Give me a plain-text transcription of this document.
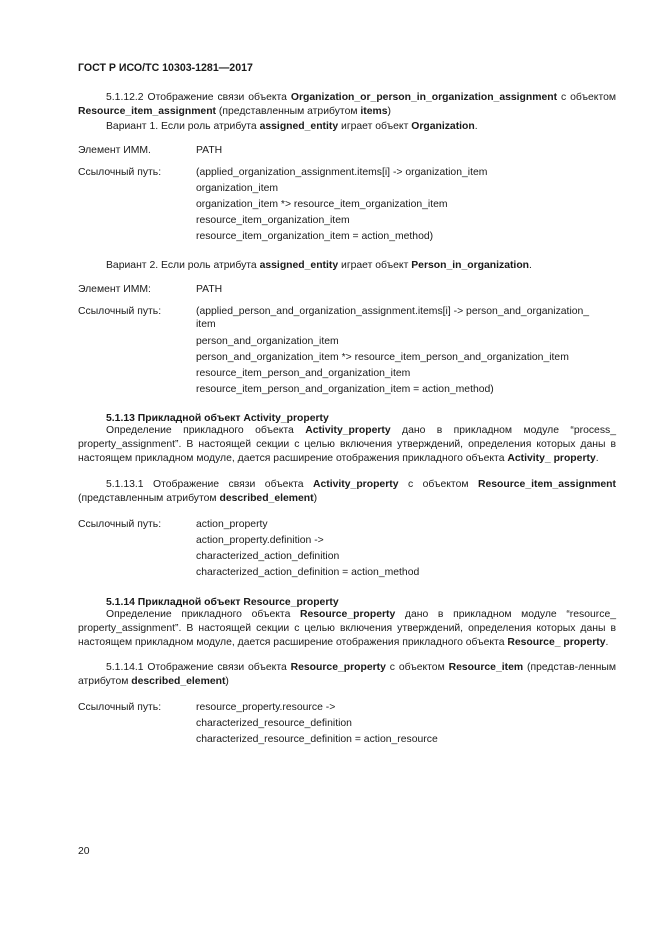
ГОСТ Р ИСО/ТС 10303-1281—2017
5.1.12.2 Отображение связи объекта Organization_or_person_in_organization_assignment с объектом Resource_item_assignment (представленным атрибутом items)
Вариант 1. Если роль атрибута assigned_entity играет объект Organization.
Элемент ИММ.	PATH
Ссылочный путь:	(applied_organization_assignment.items[i] -> organization_item
organization_item
organization_item *> resource_item_organization_item
resource_item_organization_item
resource_item_organization_item = action_method)
Вариант 2. Если роль атрибута assigned_entity играет объект Person_in_organization.
Элемент ИММ:	PATH
Ссылочный путь:	(applied_person_and_organization_assignment.items[i] -> person_and_organization_
item
person_and_organization_item
person_and_organization_item *> resource_item_person_and_organization_item
resource_item_person_and_organization_item
resource_item_person_and_organization_item = action_method)
5.1.13 Прикладной объект Activity_property
Определение прикладного объекта Activity_property дано в прикладном модуле “process_ property_assignment”. В настоящей секции с целью включения утверждений, определения которых даны в настоящем прикладном модуле, дается расширение отображения прикладного объекта Activity_ property.
5.1.13.1 Отображение связи объекта Activity_property с объектом Resource_item_assignment (представленным атрибутом described_element)
Ссылочный путь:	action_property
action_property.definition ->
characterized_action_definition
characterized_action_definition = action_method
5.1.14 Прикладной объект Resource_property
Определение прикладного объекта Resource_property дано в прикладном модуле “resource_ property_assignment”. В настоящей секции с целью включения утверждений, определения которых даны в настоящем прикладном модуле, дается расширение отображения прикладного объекта Resource_ property.
5.1.14.1 Отображение связи объекта Resource_property с объектом Resource_item (представ-ленным атрибутом described_element)
Ссылочный путь:	resource_property.resource ->
characterized_resource_definition
characterized_resource_definition = action_resource
20
